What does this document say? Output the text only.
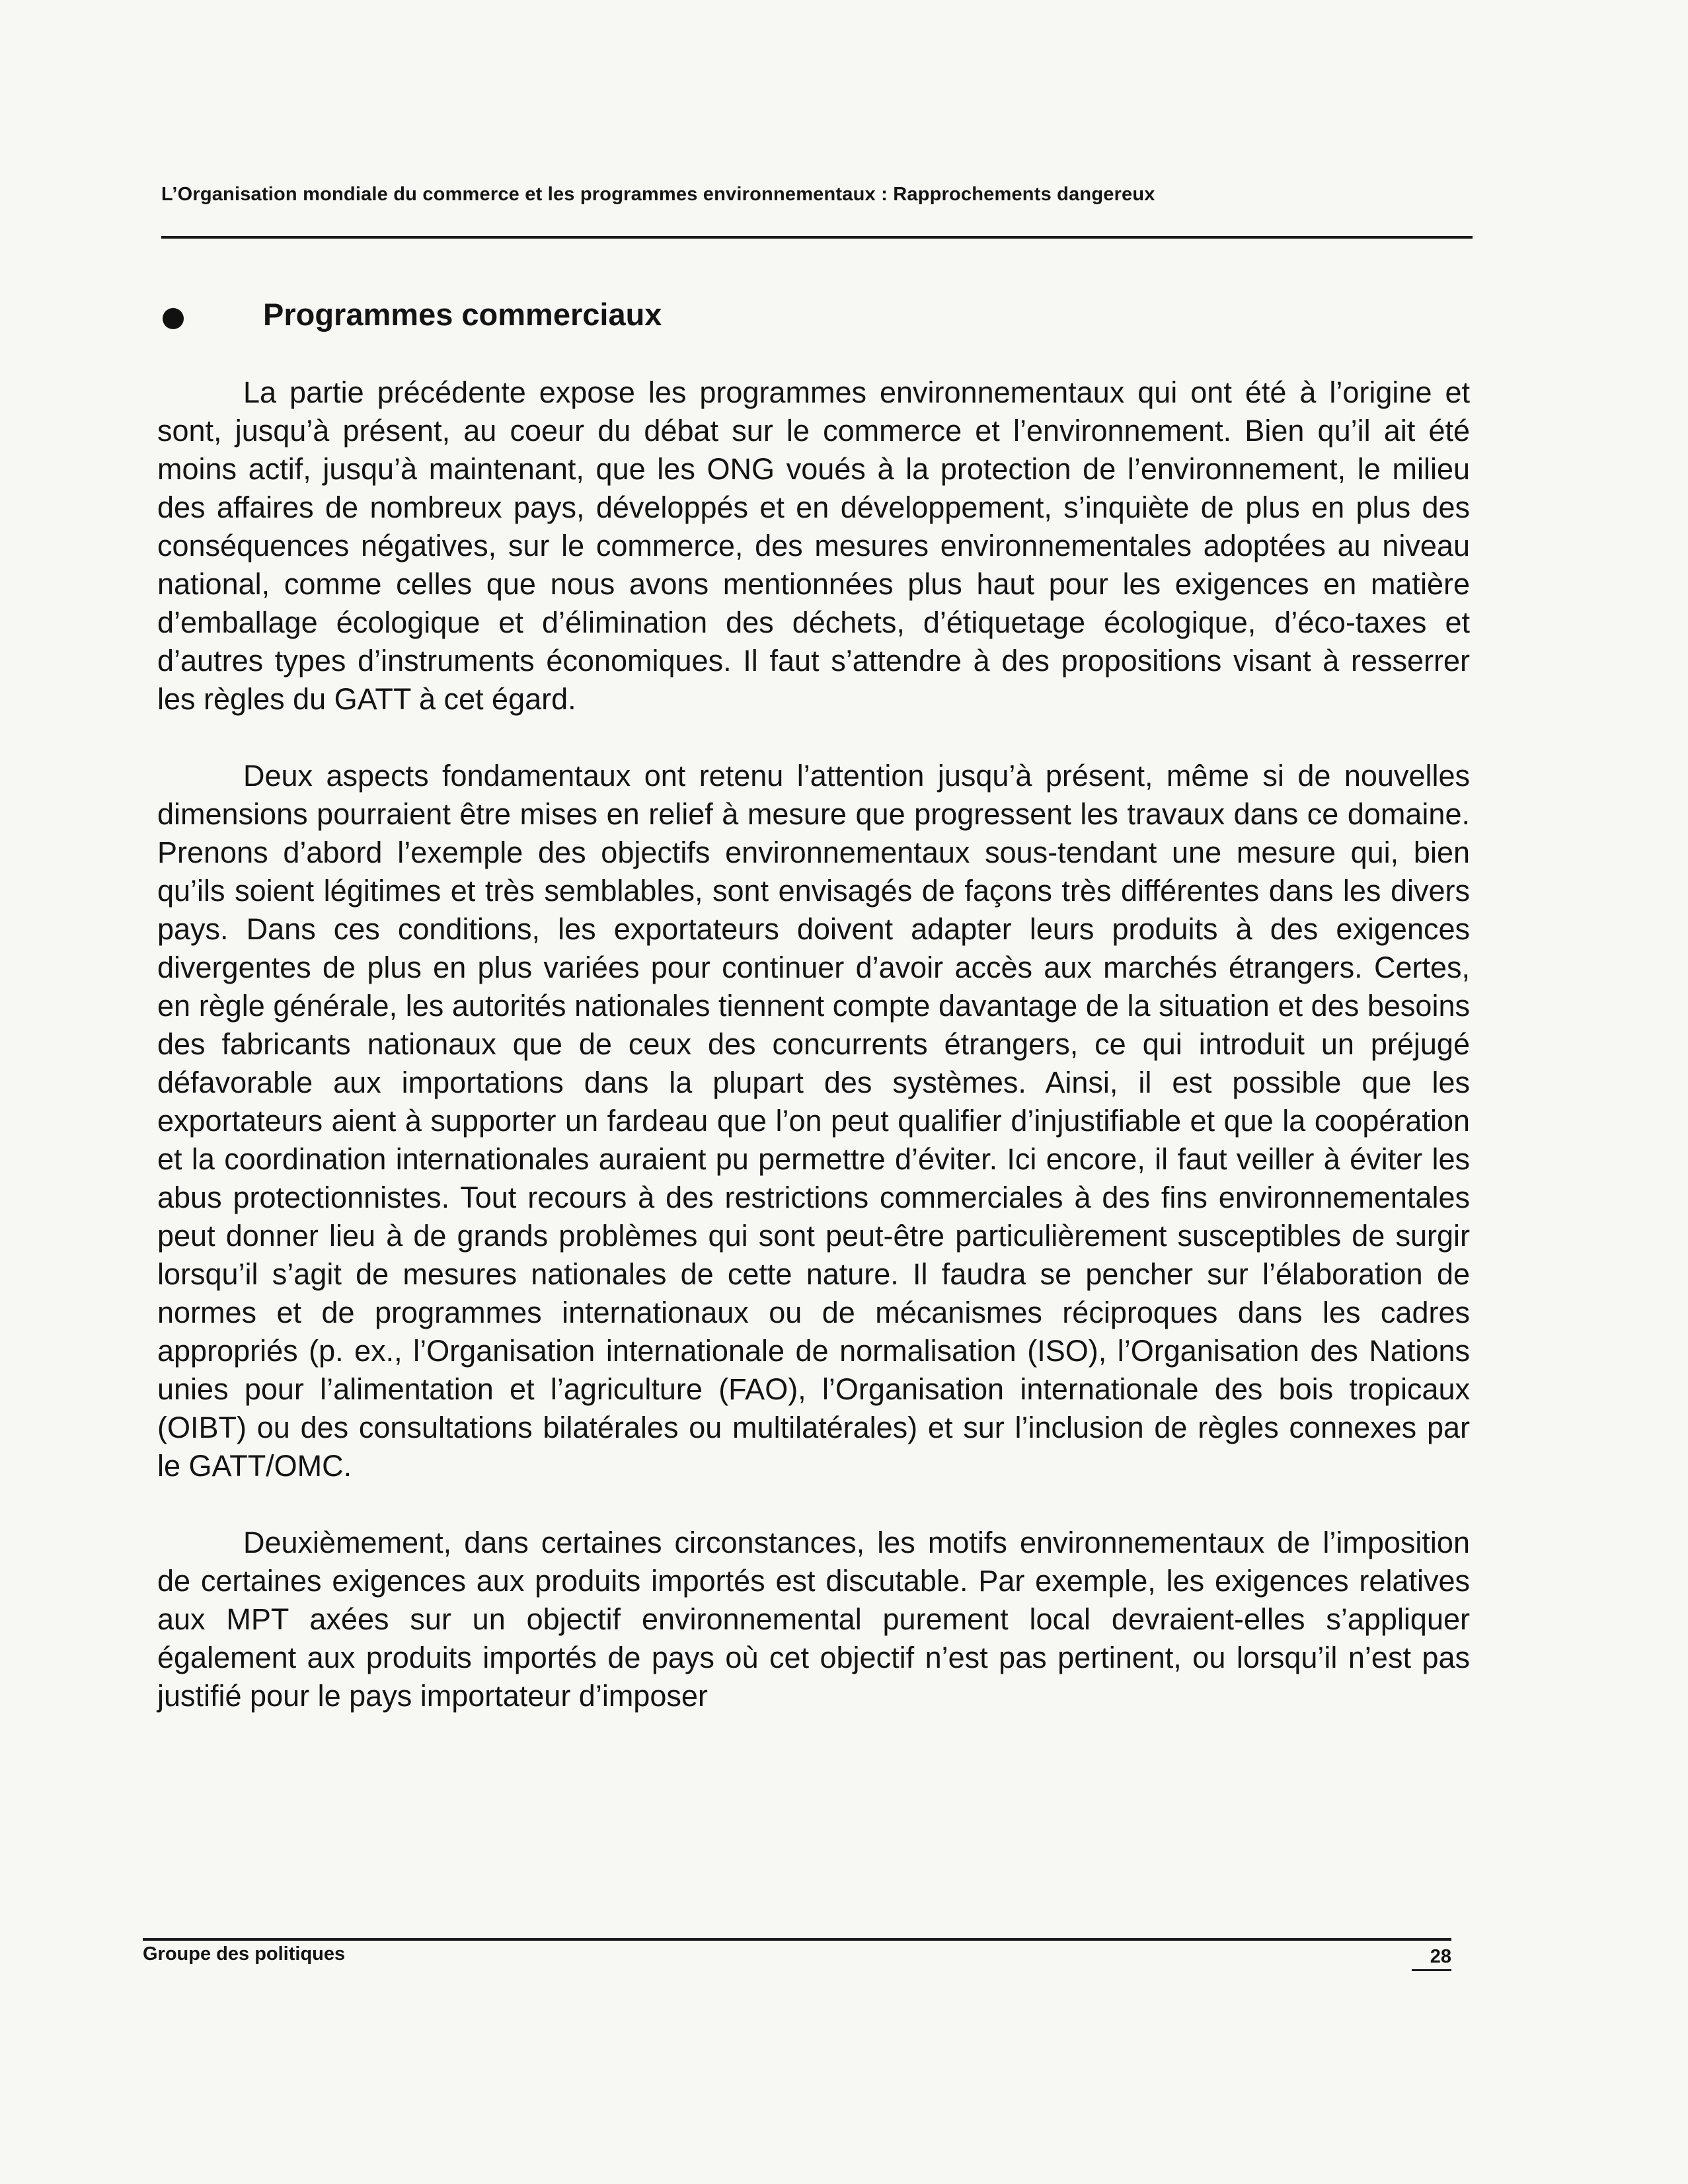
L’Organisation mondiale du commerce et les programmes environnementaux : Rapprochements dangereux
Programmes commerciaux

La partie précédente expose les programmes environnementaux qui ont été à l’origine et sont, jusqu’à présent, au coeur du débat sur le commerce et l’environnement. Bien qu’il ait été moins actif, jusqu’à maintenant, que les ONG voués à la protection de l’environnement, le milieu des affaires de nombreux pays, développés et en développement, s’inquiète de plus en plus des conséquences négatives, sur le commerce, des mesures environnementales adoptées au niveau national, comme celles que nous avons mentionnées plus haut pour les exigences en matière d’emballage écologique et d’élimination des déchets, d’étiquetage écologique, d’éco-taxes et d’autres types d’instruments économiques. Il faut s’attendre à des propositions visant à resserrer les règles du GATT à cet égard.

Deux aspects fondamentaux ont retenu l’attention jusqu’à présent, même si de nouvelles dimensions pourraient être mises en relief à mesure que progressent les travaux dans ce domaine. Prenons d’abord l’exemple des objectifs environnementaux sous-tendant une mesure qui, bien qu’ils soient légitimes et très semblables, sont envisagés de façons très différentes dans les divers pays. Dans ces conditions, les exportateurs doivent adapter leurs produits à des exigences divergentes de plus en plus variées pour continuer d’avoir accès aux marchés étrangers. Certes, en règle générale, les autorités nationales tiennent compte davantage de la situation et des besoins des fabricants nationaux que de ceux des concurrents étrangers, ce qui introduit un préjugé défavorable aux importations dans la plupart des systèmes. Ainsi, il est possible que les exportateurs aient à supporter un fardeau que l’on peut qualifier d’injustifiable et que la coopération et la coordination internationales auraient pu permettre d’éviter. Ici encore, il faut veiller à éviter les abus protectionnistes. Tout recours à des restrictions commerciales à des fins environnementales peut donner lieu à de grands problèmes qui sont peut-être particulièrement susceptibles de surgir lorsqu’il s’agit de mesures nationales de cette nature. Il faudra se pencher sur l’élaboration de normes et de programmes internationaux ou de mécanismes réciproques dans les cadres appropriés (p. ex., l’Organisation internationale de normalisation (ISO), l’Organisation des Nations unies pour l’alimentation et l’agriculture (FAO), l’Organisation internationale des bois tropicaux (OIBT) ou des consultations bilatérales ou multilatérales) et sur l’inclusion de règles connexes par le GATT/OMC.

Deuxièmement, dans certaines circonstances, les motifs environnementaux de l’imposition de certaines exigences aux produits importés est discutable. Par exemple, les exigences relatives aux MPT axées sur un objectif environnemental purement local devraient-elles s’appliquer également aux produits importés de pays où cet objectif n’est pas pertinent, ou lorsqu’il n’est pas justifié pour le pays importateur d’imposer

Groupe des politiques	28
